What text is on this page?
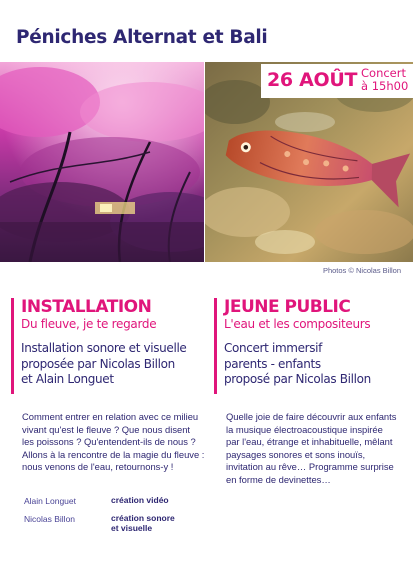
Péniches Alternat et Bali
26 AOÛT Concert
à 15h00
Photos © Nicolas Billon
INSTALLATION
Du fleuve, je te regarde
Installation sonore et visuelle
proposée par Nicolas Billon
et Alain Longuet
JEUNE PUBLIC
L'eau et les compositeurs
Concert immersif
parents - enfants
proposé par Nicolas Billon
Comment entrer en relation avec ce milieu
vivant qu'est le fleuve ? Que nous disent
les poissons ? Qu'entendent-ils de nous ?
Allons à la rencontre de la magie du fleuve :
nous venons de l'eau, retournons-y !
Quelle joie de faire découvrir aux enfants
la musique électroacoustique inspirée
par l'eau, étrange et inhabituelle, mêlant
paysages sonores et sons inouïs,
invitation au rêve… Programme surprise
en forme de devinettes…
Alain Longuet	création vidéo
Nicolas Billon	création sonore
et visuelle
